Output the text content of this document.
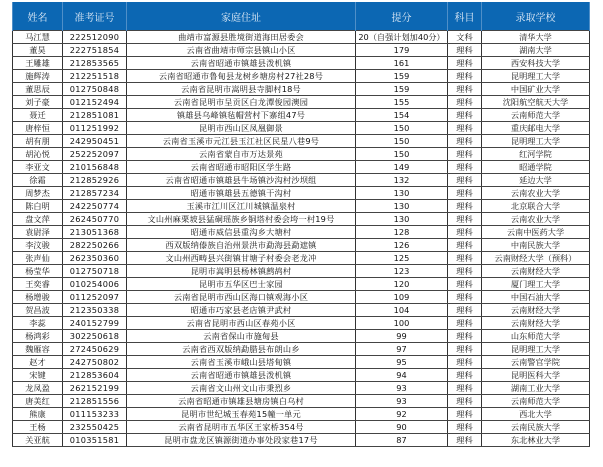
姓名	准考证号	家庭住址	提分	科目	录取学校
马江慧	222512090	曲靖市富源县胜境街道海田居委会	20（自强计划加40分）	文科	清华大学
董昊	222751854	云南省曲靖市师宗县镇山小区	179	理科	湖南大学
王雕雄	212853565	云南省昭通市镇雄县泼机镇	161	理科	西安科技大学
施辉涛	212251518	云南省昭通市鲁甸县龙树乡塘房村27社28号	159	理科	昆明理工大学
董思辰	012750848	云南省昆明市嵩明县寺脚村18号	159	理科	中国矿业大学
刘子豪	012152494	云南省昆明市呈贡区白龙潭俊园澳园	155	理科	沈阳航空航天大学
聂迁	212851081	镇雄县乌峰镇毡帽营村下寨组47号	154	理科	云南师范大学
唐梓恒	011251992	昆明市西山区凤凰御景	150	理科	重庆邮电大学
胡有朋	242950451	云南省玉溪市元江县玉江社区民星八巷9号	150	理科	昆明理工大学
胡沁悦	252252097	云南省蒙自市万达景苑	150	理科	红河学院
李亚文	210156848	云南省昭通市昭阳区学生路	149	理科	昭通学院
徐霜	212852926	云南省昭通市镇雄县牛场镇沙沟村沙坝组	132	理科	延边大学
周梦杰	212857234	昭通市镇雄县五德镇干沟村	130	理科	云南农业大学
陈白明	242250774	玉溪市江川区江川城镇温泉村	130	理科	北京联合大学
盘文萍	262450770	文山州麻栗坡县猛硐瑶族乡铜塔村委会垮一村19号	130	理科	云南农业大学
袁尉泽	213051368	昭通市威信县重沟乡大塘村	128	理科	云南中医药大学
李汶骏	282250266	西双版纳傣族自治州景洪市勐海县勐遮镇	126	理科	中南民族大学
张声仙	262350360	文山州西畴县兴街镇甘塘子村委会老龙冲	125	理科	云南财经大学（预科）
杨莹华	012750718	昆明市嵩明县杨林镇鹧鸪村	123	理科	云南财经大学
王奕睿	010254006	昆明市五华区巴士家园	120	理科	厦门理工大学
杨增骏	011252097	云南省昆明市西山区海口镇观海小区	109	理科	中国石油大学
贺昌波	212350338	昭通市巧家县老店镇尹武村	104	理科	云南财经大学
李蕊	240152799	云南省昆明市西山区春苑小区	100	理科	云南财经大学
杨鸿彩	302250618	云南省保山市施甸县	99	理科	山东师范大学
魏雁容	272450629	云南省西双版纳勐腊县布朗山乡	97	理科	昆明理工大学
赵才	242750802	云南省玉溪市峨山县塔甸镇	95	理科	云南警官学院
宋键	212853604	云南省昭通市镇雄县泼机镇	94	理科	昆明医科大学
龙凤盈	262152199	云南省文山州文山市秉烈乡	93	理科	湖南工业大学
唐美红	212851556	云南省昭通市镇雄县塘房镇白乌村	93	理科	云南师范大学
熊康	011153233	昆明市世纪城玉春苑15幢一单元	92	理科	西北大学
王杨	232550425	云南省昆明市五华区王家桥354号	90	理科	云南民族大学
关亚航	010351581	昆明市盘龙区镇源街道办事处段家巷17号	87	理科	东北林业大学
